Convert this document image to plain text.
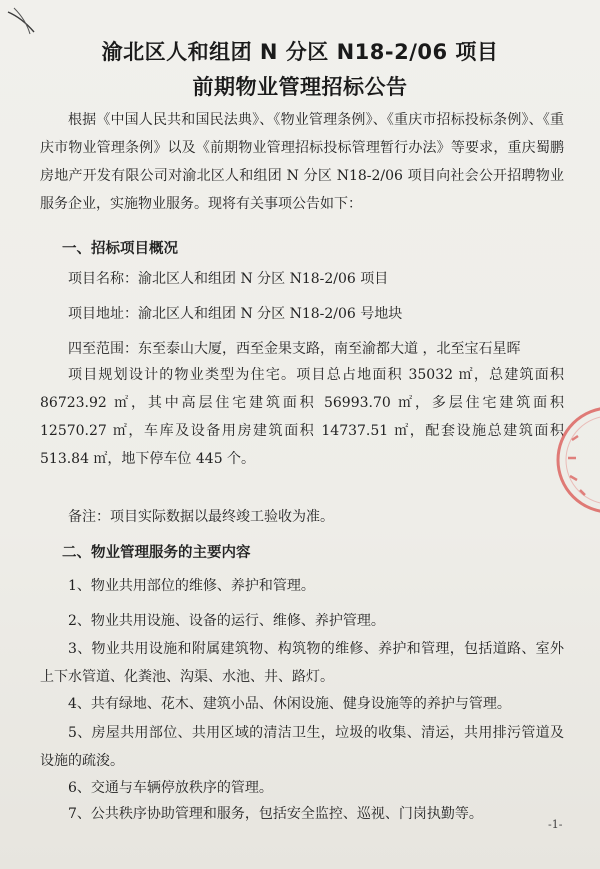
渝北区人和组团 N 分区 N18-2/06 项目
前期物业管理招标公告

根据《中国人民共和国民法典》、《物业管理条例》、《重庆市招标投标条例》、《重庆市物业管理条例》以及《前期物业管理招标投标管理暂行办法》等要求，重庆蜀鹏房地产开发有限公司对渝北区人和组团 N 分区 N18-2/06 项目向社会公开招聘物业服务企业，实施物业服务。现将有关事项公告如下：

一、招标项目概况
项目名称：渝北区人和组团 N 分区 N18-2/06 项目
项目地址：渝北区人和组团 N 分区 N18-2/06 号地块
四至范围：东至泰山大厦，西至金果支路，南至渝都大道 ，北至宝石星晖

项目规划设计的物业类型为住宅。项目总占地面积 35032 ㎡，总建筑面积 86723.92 ㎡，其中高层住宅建筑面积 56993.70 ㎡，多层住宅建筑面积 12570.27 ㎡，车库及设备用房建筑面积 14737.51 ㎡，配套设施总建筑面积 513.84 ㎡，地下停车位 445 个。

备注：项目实际数据以最终竣工验收为准。
二、物业管理服务的主要内容
1、物业共用部位的维修、养护和管理。
2、物业共用设施、设备的运行、维修、养护管理。

3、物业共用设施和附属建筑物、构筑物的维修、养护和管理，包括道路、室外上下水管道、化粪池、沟渠、水池、井、路灯。

4、共有绿地、花木、建筑小品、休闲设施、健身设施等的养护与管理。

5、房屋共用部位、共用区域的清洁卫生，垃圾的收集、清运，共用排污管道及设施的疏浚。

6、交通与车辆停放秩序的管理。
7、公共秩序协助管理和服务，包括安全监控、巡视、门岗执勤等。
-1-
